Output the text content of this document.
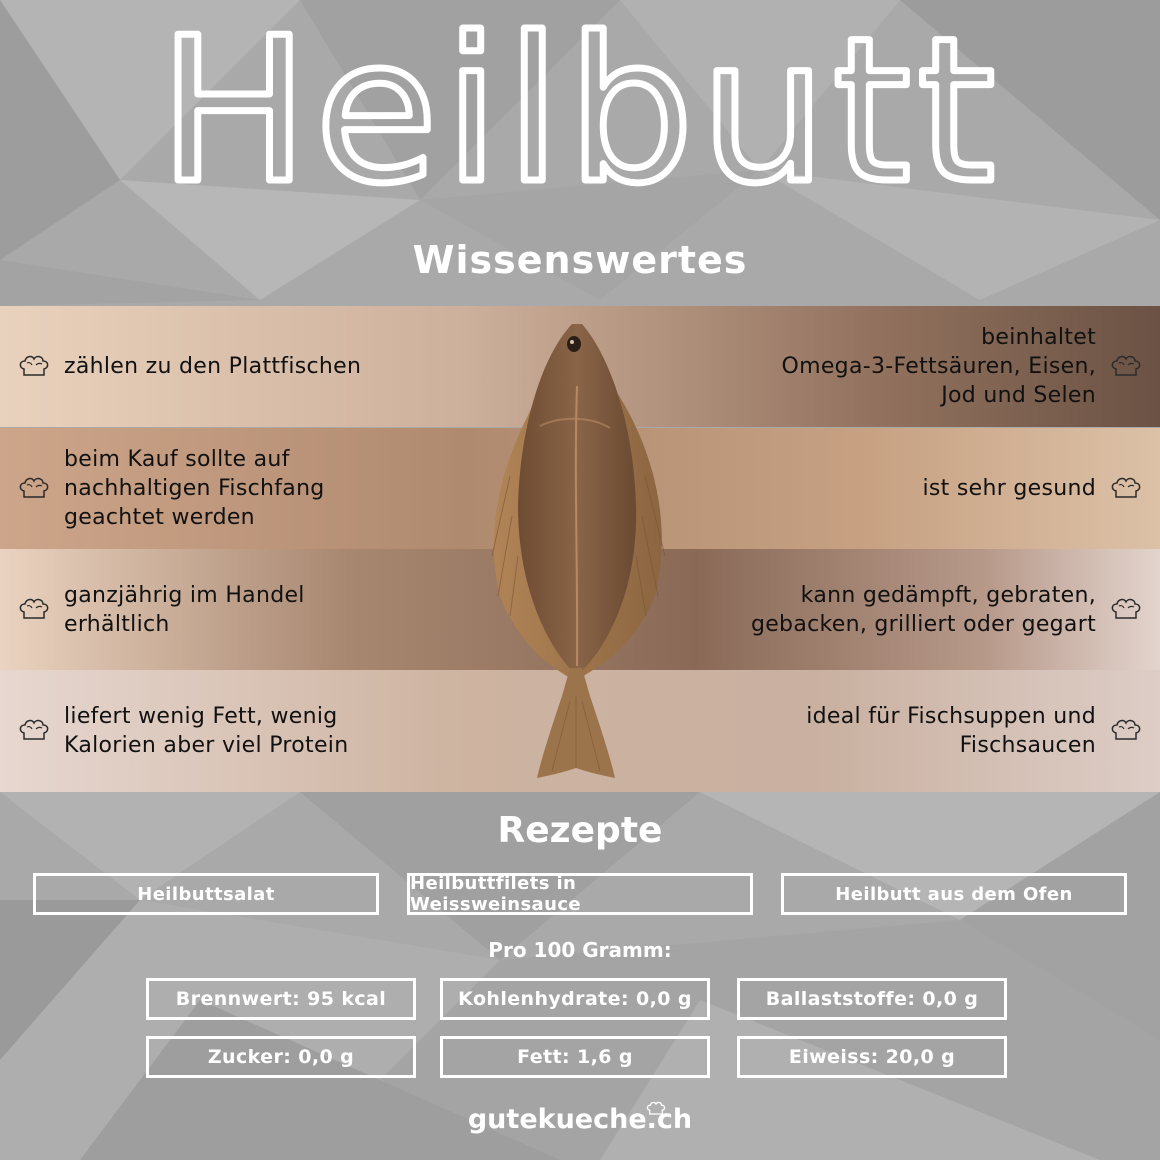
Heilbutt
Wissenswertes
zählen zu den Plattfischen
beim Kauf sollte auf
nachhaltigen Fischfang
geachtet werden
ganzjährig im Handel
erhältlich
liefert wenig Fett, wenig
Kalorien aber viel Protein
beinhaltet
Omega-3-Fettsäuren, Eisen,
Jod und Selen
ist sehr gesund
kann gedämpft, gebraten,
gebacken, grilliert oder gegart
ideal für Fischsuppen und
Fischsaucen
Rezepte
Heilbuttsalat	Heilbuttfilets in Weissweinsauce	Heilbutt aus dem Ofen
Pro 100 Gramm:
Brennwert: 95 kcal	Kohlenhydrate: 0,0 g	Ballaststoffe: 0,0 g
Zucker: 0,0 g	Fett: 1,6 g	Eiweiss: 20,0 g
gutekueche.ch
